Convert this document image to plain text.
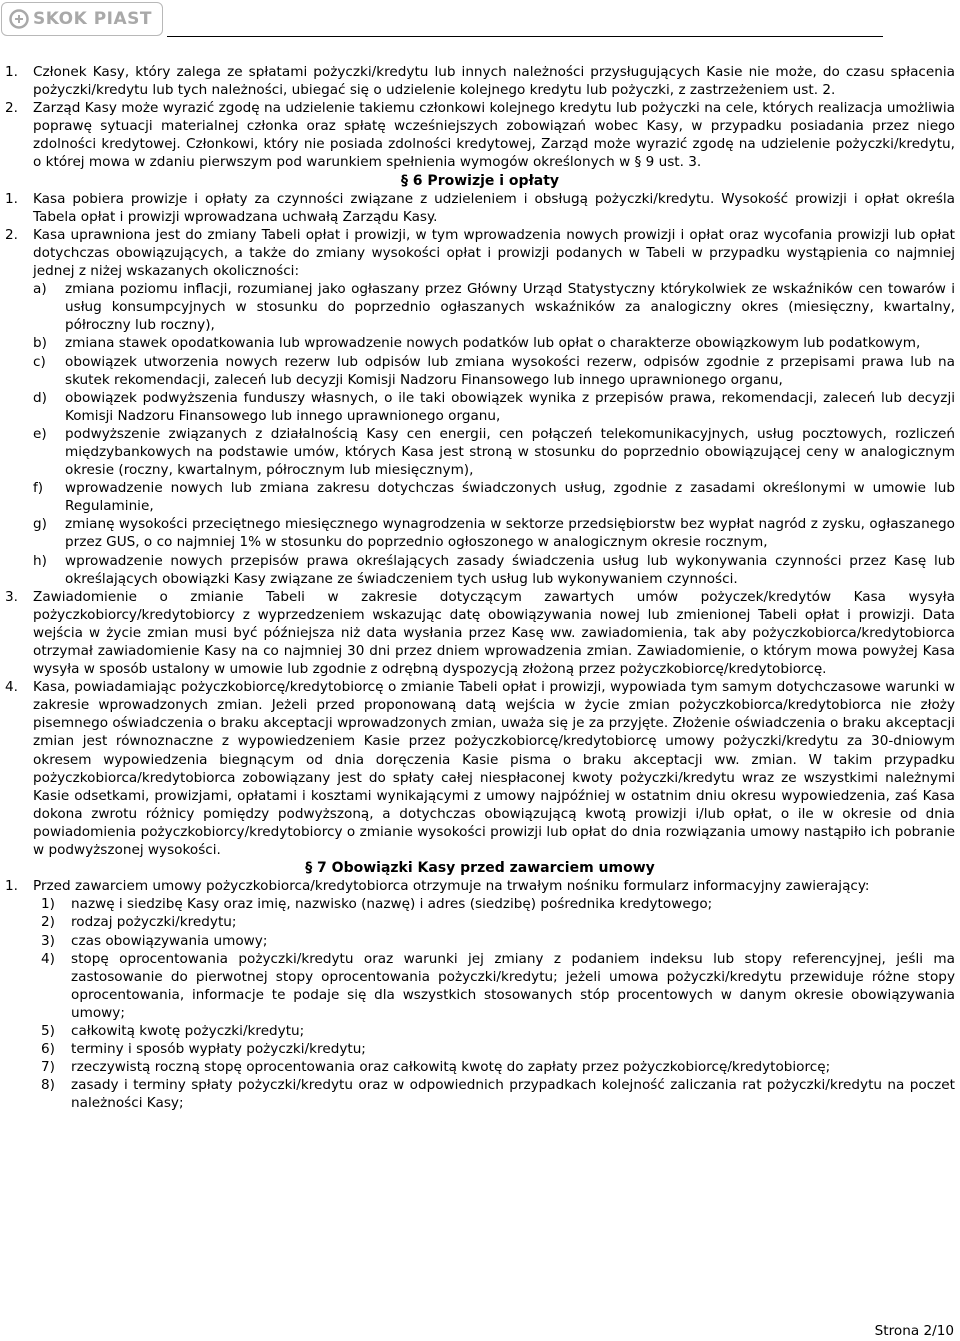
SKOK PIAST

1. Członek Kasy, który zalega ze spłatami pożyczki/kredytu lub innych należności przysługujących Kasie nie może, do czasu spłacenia pożyczki/kredytu lub tych należności, ubiegać się o udzielenie kolejnego kredytu lub pożyczki, z zastrzeżeniem ust. 2.

2. Zarząd Kasy może wyrazić zgodę na udzielenie takiemu członkowi kolejnego kredytu lub pożyczki na cele, których realizacja umożliwia poprawę sytuacji materialnej członka oraz spłatę wcześniejszych zobowiązań wobec Kasy, w przypadku posiadania przez niego zdolności kredytowej. Członkowi, który nie posiada zdolności kredytowej, Zarząd może wyrazić zgodę na udzielenie pożyczki/kredytu, o której mowa w zdaniu pierwszym pod warunkiem spełnienia wymogów określonych w § 9 ust. 3.

§ 6 Prowizje i opłaty

1. Kasa pobiera prowizje i opłaty za czynności związane z udzieleniem i obsługą pożyczki/kredytu. Wysokość prowizji i opłat określa Tabela opłat i prowizji wprowadzana uchwałą Zarządu Kasy.

2. Kasa uprawniona jest do zmiany Tabeli opłat i prowizji, w tym wprowadzenia nowych prowizji i opłat oraz wycofania prowizji lub opłat dotychczas obowiązujących, a także do zmiany wysokości opłat i prowizji podanych w Tabeli w przypadku wystąpienia co najmniej jednej z niżej wskazanych okoliczności:

a) zmiana poziomu inflacji, rozumianej jako ogłaszany przez Główny Urząd Statystyczny którykolwiek ze wskaźników cen towarów i usług konsumpcyjnych w stosunku do poprzednio ogłaszanych wskaźników za analogiczny okres (miesięczny, kwartalny, półroczny lub roczny),

b) zmiana stawek opodatkowania lub wprowadzenie nowych podatków lub opłat o charakterze obowiązkowym lub podatkowym,

c) obowiązek utworzenia nowych rezerw lub odpisów lub zmiana wysokości rezerw, odpisów zgodnie z przepisami prawa lub na skutek rekomendacji, zaleceń lub decyzji Komisji Nadzoru Finansowego lub innego uprawnionego organu,

d) obowiązek podwyższenia funduszy własnych, o ile taki obowiązek wynika z przepisów prawa, rekomendacji, zaleceń lub decyzji Komisji Nadzoru Finansowego lub innego uprawnionego organu,

e) podwyższenie związanych z działalnością Kasy cen energii, cen połączeń telekomunikacyjnych, usług pocztowych, rozliczeń międzybankowych na podstawie umów, których Kasa jest stroną w stosunku do poprzednio obowiązującej ceny w analogicznym okresie (roczny, kwartalnym, półrocznym lub miesięcznym),

f) wprowadzenie nowych lub zmiana zakresu dotychczas świadczonych usług, zgodnie z zasadami określonymi w umowie lub Regulaminie,

g) zmianę wysokości przeciętnego miesięcznego wynagrodzenia w sektorze przedsiębiorstw bez wypłat nagród z zysku, ogłaszanego przez GUS, o co najmniej 1% w stosunku do poprzednio ogłoszonego w analogicznym okresie rocznym,

h) wprowadzenie nowych przepisów prawa określających zasady świadczenia usług lub wykonywania czynności przez Kasę lub określających obowiązki Kasy związane ze świadczeniem tych usług lub wykonywaniem czynności.

3. Zawiadomienie o zmianie Tabeli w zakresie dotyczącym zawartych umów pożyczek/kredytów Kasa wysyła pożyczkobiorcy/kredytobiorcy z wyprzedzeniem wskazując datę obowiązywania nowej lub zmienionej Tabeli opłat i prowizji. Data wejścia w życie zmian musi być późniejsza niż data wysłania przez Kasę ww. zawiadomienia, tak aby pożyczkobiorca/kredytobiorca otrzymał zawiadomienie Kasy na co najmniej 30 dni przez dniem wprowadzenia zmian. Zawiadomienie, o którym mowa powyżej Kasa wysyła w sposób ustalony w umowie lub zgodnie z odrębną dyspozycją złożoną przez pożyczkobiorcę/kredytobiorcę.

4. Kasa, powiadamiając pożyczkobiorcę/kredytobiorcę o zmianie Tabeli opłat i prowizji, wypowiada tym samym dotychczasowe warunki w zakresie wprowadzonych zmian. Jeżeli przed proponowaną datą wejścia w życie zmian pożyczkobiorca/kredytobiorca nie złoży pisemnego oświadczenia o braku akceptacji wprowadzonych zmian, uważa się je za przyjęte. Złożenie oświadczenia o braku akceptacji zmian jest równoznaczne z wypowiedzeniem Kasie przez pożyczkobiorcę/kredytobiorcę umowy pożyczki/kredytu za 30-dniowym okresem wypowiedzenia biegnącym od dnia doręczenia Kasie pisma o braku akceptacji ww. zmian. W takim przypadku pożyczkobiorca/kredytobiorca zobowiązany jest do spłaty całej niespłaconej kwoty pożyczki/kredytu wraz ze wszystkimi należnymi Kasie odsetkami, prowizjami, opłatami i kosztami wynikającymi z umowy najpóźniej w ostatnim dniu okresu wypowiedzenia, zaś Kasa dokona zwrotu różnicy pomiędzy podwyższoną, a dotychczas obowiązującą kwotą prowizji i/lub opłat, o ile w okresie od dnia powiadomienia pożyczkobiorcy/kredytobiorcy o zmianie wysokości prowizji lub opłat do dnia rozwiązania umowy nastąpiło ich pobranie w podwyższonej wysokości.

§ 7 Obowiązki Kasy przed zawarciem umowy

1. Przed zawarciem umowy pożyczkobiorca/kredytobiorca otrzymuje na trwałym nośniku formularz informacyjny zawierający:

1) nazwę i siedzibę Kasy oraz imię, nazwisko (nazwę) i adres (siedzibę) pośrednika kredytowego;

2) rodzaj pożyczki/kredytu;

3) czas obowiązywania umowy;

4) stopę oprocentowania pożyczki/kredytu oraz warunki jej zmiany z podaniem indeksu lub stopy referencyjnej, jeśli ma zastosowanie do pierwotnej stopy oprocentowania pożyczki/kredytu; jeżeli umowa pożyczki/kredytu przewiduje różne stopy oprocentowania, informacje te podaje się dla wszystkich stosowanych stóp procentowych w danym okresie obowiązywania umowy;

5) całkowitą kwotę pożyczki/kredytu;

6) terminy i sposób wypłaty pożyczki/kredytu;

7) rzeczywistą roczną stopę oprocentowania oraz całkowitą kwotę do zapłaty przez pożyczkobiorcę/kredytobiorcę;

8) zasady i terminy spłaty pożyczki/kredytu oraz w odpowiednich przypadkach kolejność zaliczania rat pożyczki/kredytu na poczet należności Kasy;

Strona 2/10
